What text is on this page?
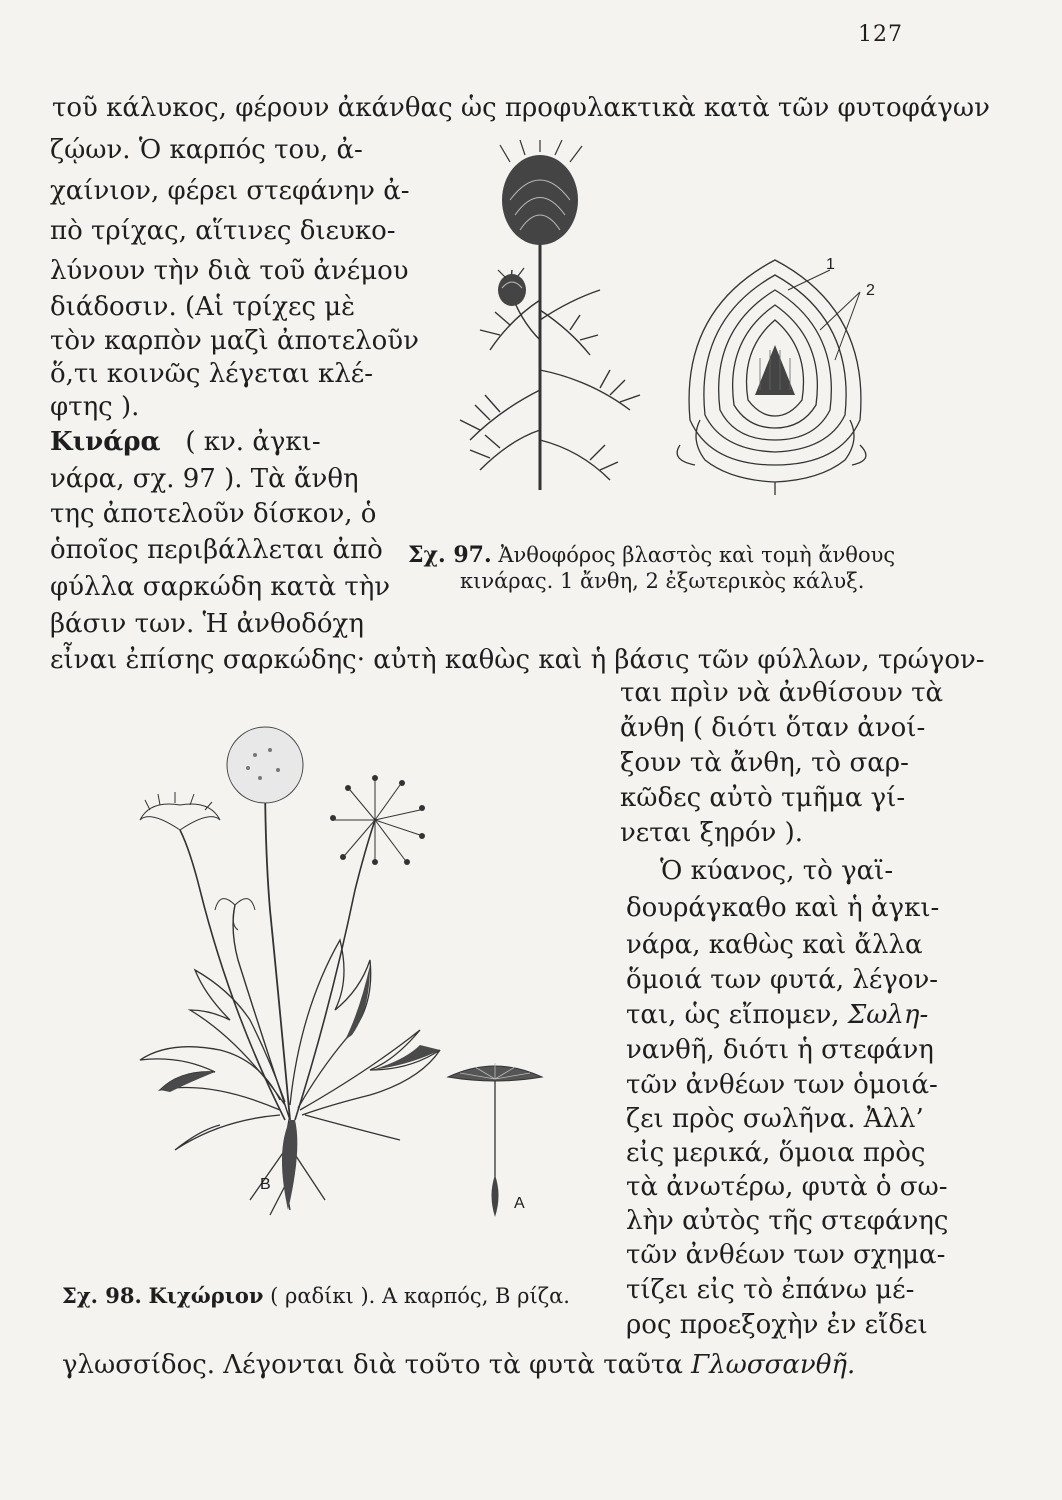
127
τοῦ κάλυκος, φέρουν ἀκάνθας ὡς προφυλακτικὰ κατὰ τῶν φυτοφάγων
ζῴων. Ὁ καρπός του, ἀ-
χαίνιον, φέρει στεφάνην ἀ-
πὸ τρίχας, αἵτινες διευκο-
λύνουν τὴν διὰ τοῦ ἀνέμου
διάδοσιν. (Αἱ τρίχες μὲ
τὸν καρπὸν μαζὶ ἀποτελοῦν
ὅ,τι κοινῶς λέγεται κλέ-
φτης ).
Κινάρα ( κν. ἀγκι-
νάρα, σχ. 97 ). Τὰ ἄνθη
της ἀποτελοῦν δίσκον, ὁ
ὁποῖος περιβάλλεται ἀπὸ
φύλλα σαρκώδη κατὰ τὴν
βάσιν των. Ἡ ἀνθοδόχη
εἶναι ἐπίσης σαρκώδης· αὐτὴ καθὼς καὶ ἡ βάσις τῶν φύλλων, τρώγον-
ται πρὶν νὰ ἀνθίσουν τὰ
ἄνθη ( διότι ὅταν ἀνοί-
ξουν τὰ ἄνθη, τὸ σαρ-
κῶδες αὐτὸ τμῆμα γί-
νεται ξηρόν ).
Ὁ κύανος, τὸ γαϊ-
δουράγκαθο καὶ ἡ ἀγκι-
νάρα, καθὼς καὶ ἄλλα
ὅμοιά των φυτά, λέγον-
ται, ὡς εἴπομεν, Σωλη-
νανθῆ, διότι ἡ στεφάνη
τῶν ἀνθέων των ὁμοιά-
ζει πρὸς σωλῆνα. Ἀλλ’
εἰς μερικά, ὅμοια πρὸς
τὰ ἀνωτέρω, φυτὰ ὁ σω-
λὴν αὐτὸς τῆς στεφάνης
τῶν ἀνθέων των σχημα-
τίζει εἰς τὸ ἐπάνω μέ-
ρος προεξοχὴν ἐν εἴδει
γλωσσίδος. Λέγονται διὰ τοῦτο τὰ φυτὰ ταῦτα Γλωσσανθῆ.
Σχ. 97. Ἀνθοφόρος βλαστὸς καὶ τομὴ ἄνθους
κινάρας. 1 ἄνθη, 2 ἐξωτερικὸς κάλυξ.
Σχ. 98. Κιχώριον ( ραδίκι ). Α καρπός, Β ρίζα.
1
2
B
A
